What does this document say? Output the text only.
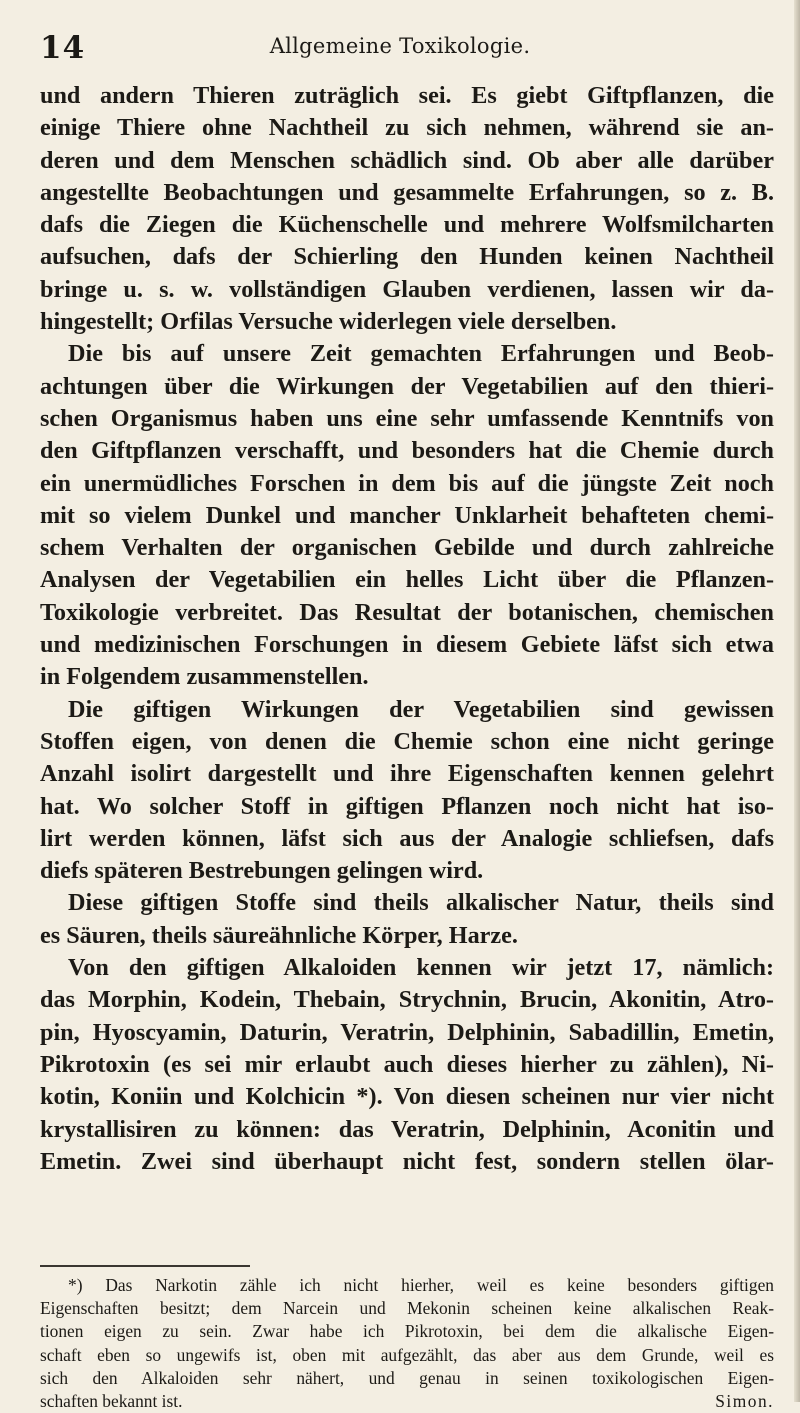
14	Allgemeine Toxikologie.
und andern Thieren zuträglich sei. Es giebt Giftpflanzen, die
einige Thiere ohne Nachtheil zu sich nehmen, während sie an-
deren und dem Menschen schädlich sind. Ob aber alle darüber
angestellte Beobachtungen und gesammelte Erfahrungen, so z. B.
dafs die Ziegen die Küchenschelle und mehrere Wolfsmilcharten
aufsuchen, dafs der Schierling den Hunden keinen Nachtheil
bringe u. s. w. vollständigen Glauben verdienen, lassen wir da-
hingestellt; Orfilas Versuche widerlegen viele derselben.
Die bis auf unsere Zeit gemachten Erfahrungen und Beob-
achtungen über die Wirkungen der Vegetabilien auf den thieri-
schen Organismus haben uns eine sehr umfassende Kenntnifs von
den Giftpflanzen verschafft, und besonders hat die Chemie durch
ein unermüdliches Forschen in dem bis auf die jüngste Zeit noch
mit so vielem Dunkel und mancher Unklarheit behafteten chemi-
schem Verhalten der organischen Gebilde und durch zahlreiche
Analysen der Vegetabilien ein helles Licht über die Pflanzen-
Toxikologie verbreitet. Das Resultat der botanischen, chemischen
und medizinischen Forschungen in diesem Gebiete läfst sich etwa
in Folgendem zusammenstellen.
Die giftigen Wirkungen der Vegetabilien sind gewissen
Stoffen eigen, von denen die Chemie schon eine nicht geringe
Anzahl isolirt dargestellt und ihre Eigenschaften kennen gelehrt
hat. Wo solcher Stoff in giftigen Pflanzen noch nicht hat iso-
lirt werden können, läfst sich aus der Analogie schliefsen, dafs
diefs späteren Bestrebungen gelingen wird.
Diese giftigen Stoffe sind theils alkalischer Natur, theils sind
es Säuren, theils säureähnliche Körper, Harze.
Von den giftigen Alkaloiden kennen wir jetzt 17, nämlich:
das Morphin, Kodein, Thebain, Strychnin, Brucin, Akonitin, Atro-
pin, Hyoscyamin, Daturin, Veratrin, Delphinin, Sabadillin, Emetin,
Pikrotoxin (es sei mir erlaubt auch dieses hierher zu zählen), Ni-
kotin, Koniin und Kolchicin *). Von diesen scheinen nur vier nicht
krystallisiren zu können: das Veratrin, Delphinin, Aconitin und
Emetin. Zwei sind überhaupt nicht fest, sondern stellen ölar-
*) Das Narkotin zähle ich nicht hierher, weil es keine besonders giftigen
Eigenschaften besitzt; dem Narcein und Mekonin scheinen keine alkalischen Reak-
tionen eigen zu sein. Zwar habe ich Pikrotoxin, bei dem die alkalische Eigen-
schaft eben so ungewifs ist, oben mit aufgezählt, das aber aus dem Grunde, weil es
sich den Alkaloiden sehr nähert, und genau in seinen toxikologischen Eigen-
schaften bekannt ist.	Simon.
